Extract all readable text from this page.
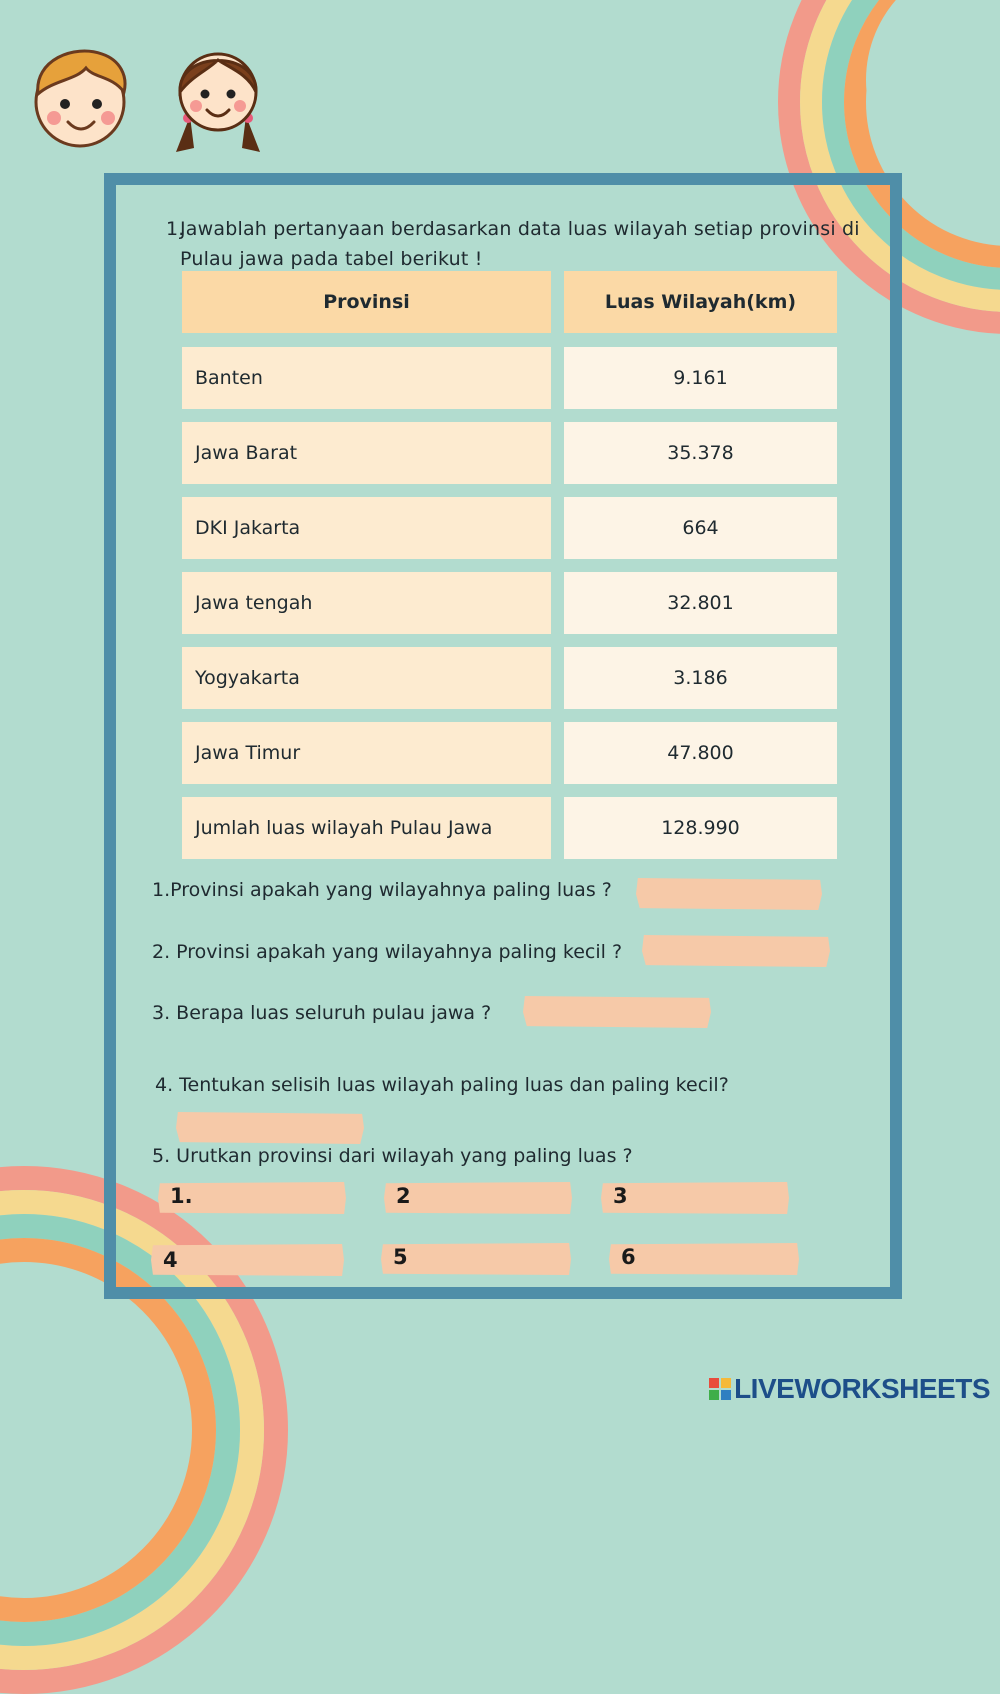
1.Jawablah pertanyaan berdasarkan data luas wilayah setiap provinsi di
Pulau jawa pada tabel berikut !
Provinsi	Luas Wilayah(km)
Banten	9.161
Jawa Barat	35.378
DKI Jakarta	664
Jawa tengah	32.801
Yogyakarta	3.186
Jawa Timur	47.800
Jumlah luas wilayah Pulau Jawa	128.990
1.Provinsi apakah yang wilayahnya paling luas ?
2. Provinsi apakah yang wilayahnya paling kecil ?
3. Berapa luas seluruh pulau jawa ?
4. Tentukan selisih luas wilayah paling luas dan paling kecil?
5. Urutkan provinsi dari wilayah yang paling luas ?
1.	2	3
4	5	6
LIVEWORKSHEETS
